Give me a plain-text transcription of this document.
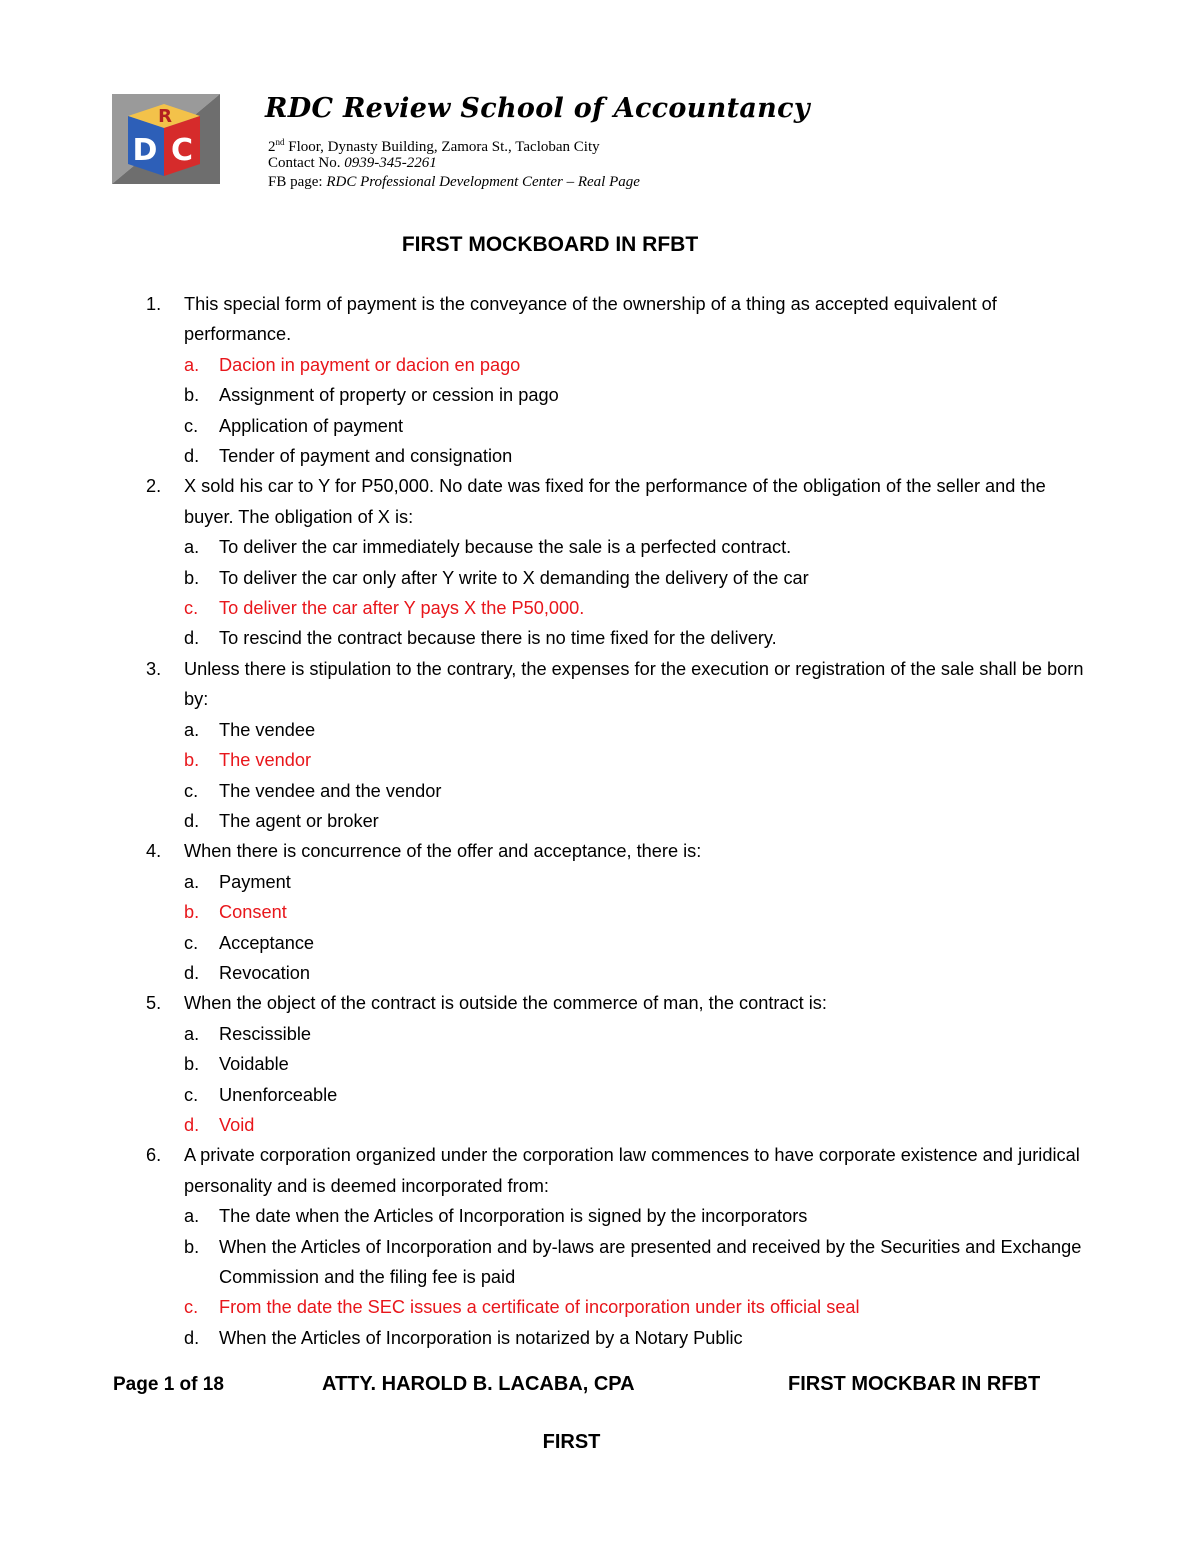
R
D C
RDC Review School of Accountancy
2nd Floor, Dynasty Building, Zamora St., Tacloban City
Contact No. 0939-345-2261
FB page: RDC Professional Development Center – Real Page
FIRST MOCKBOARD IN RFBT
1.	This special form of payment is the conveyance of the ownership of a thing as accepted equivalent of performance.
a. Dacion in payment or dacion en pago
b. Assignment of property or cession in pago
c. Application of payment
d. Tender of payment and consignation
2.	X sold his car to Y for P50,000. No date was fixed for the performance of the obligation of the seller and the buyer. The obligation of X is:
a. To deliver the car immediately because the sale is a perfected contract.
b. To deliver the car only after Y write to X demanding the delivery of the car
c. To deliver the car after Y pays X the P50,000.
d. To rescind the contract because there is no time fixed for the delivery.
3.	Unless there is stipulation to the contrary, the expenses for the execution or registration of the sale shall be born by:
a. The vendee
b. The vendor
c. The vendee and the vendor
d. The agent or broker
4.	When there is concurrence of the offer and acceptance, there is:
a. Payment
b. Consent
c. Acceptance
d. Revocation
5.	When the object of the contract is outside the commerce of man, the contract is:
a. Rescissible
b. Voidable
c. Unenforceable
d. Void
6.	A private corporation organized under the corporation law commences to have corporate existence and juridical personality and is deemed incorporated from:
a. The date when the Articles of Incorporation is signed by the incorporators
b. When the Articles of Incorporation and by-laws are presented and received by the Securities and Exchange Commission and the filing fee is paid
c. From the date the SEC issues a certificate of incorporation under its official seal
d. When the Articles of Incorporation is notarized by a Notary Public
Page 1 of 18	ATTY. HAROLD B. LACABA, CPA	FIRST MOCKBAR IN RFBT
FIRST
